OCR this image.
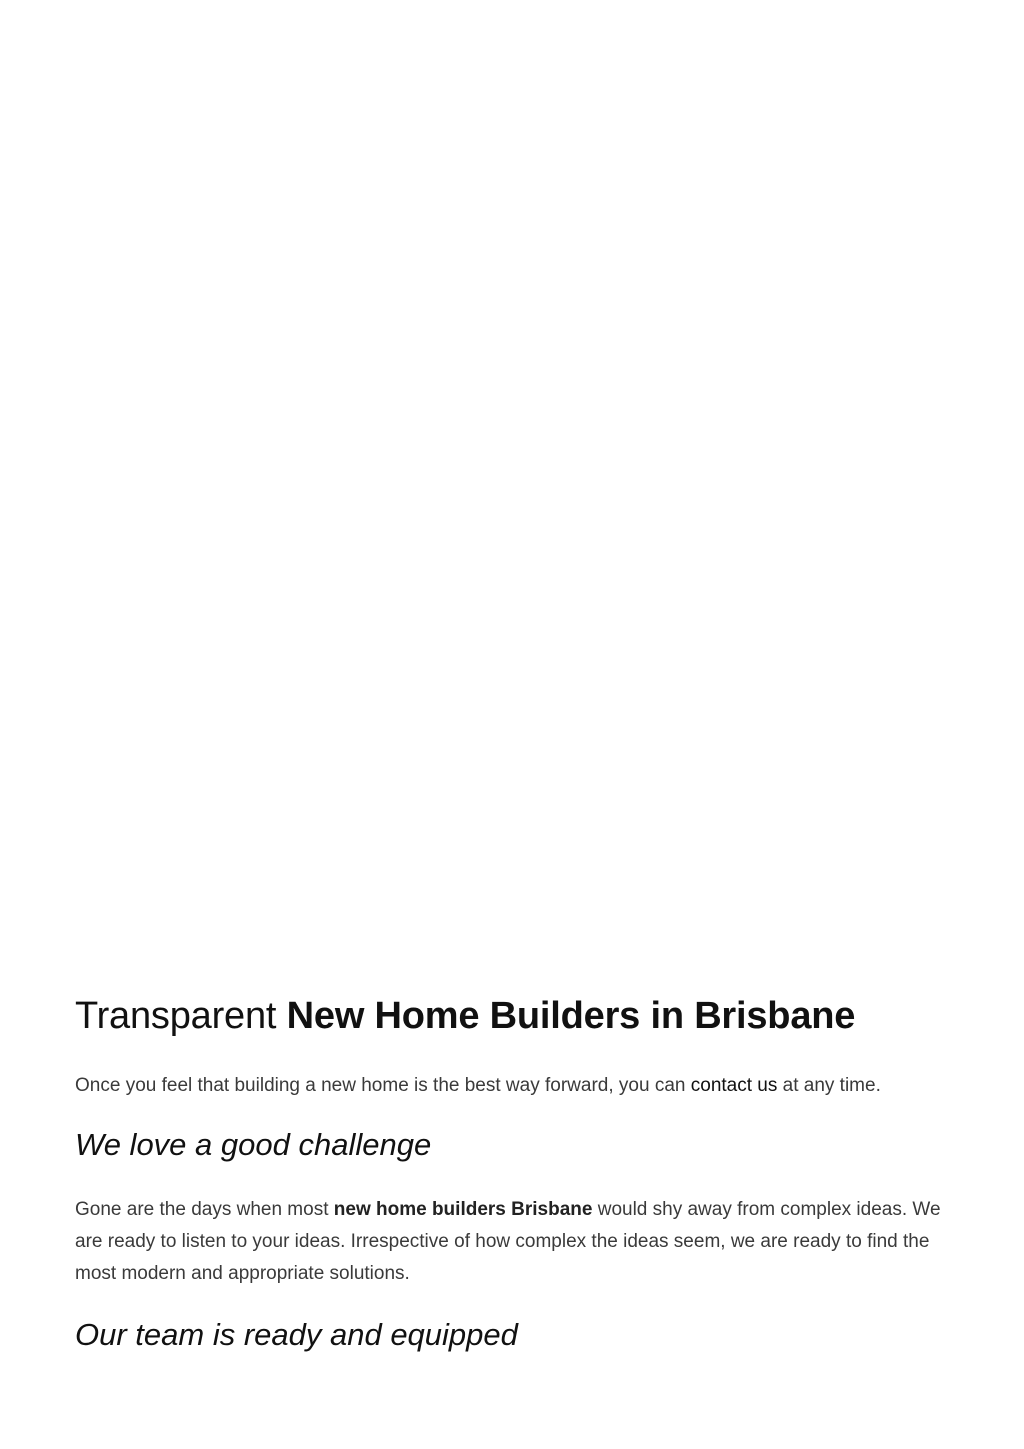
Transparent New Home Builders in Brisbane

Once you feel that building a new home is the best way forward, you can contact us at any time.

We love a good challenge

Gone are the days when most new home builders Brisbane would shy away from complex ideas. We are ready to listen to your ideas. Irrespective of how complex the ideas seem, we are ready to find the most modern and appropriate solutions.

Our team is ready and equipped
